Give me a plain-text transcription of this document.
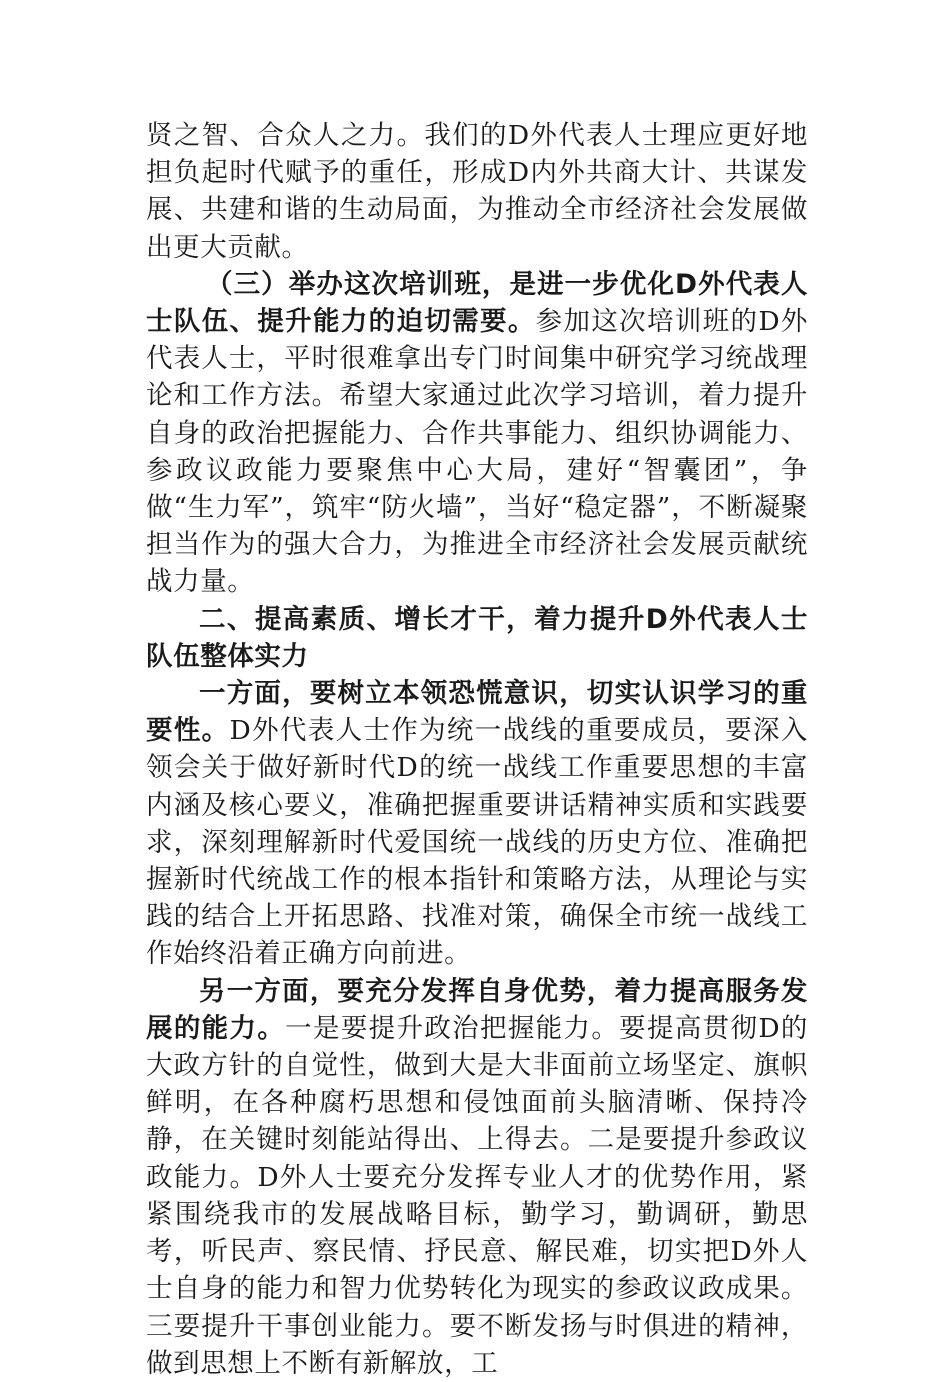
贤之智、合众人之力。我们的D外代表人士理应更好地担负起时代赋予的重任，形成D内外共商大计、共谋发展、共建和谐的生动局面，为推动全市经济社会发展做出更大贡献。

（三）举办这次培训班，是进一步优化D外代表人士队伍、提升能力的迫切需要。参加这次培训班的D外代表人士，平时很难拿出专门时间集中研究学习统战理论和工作方法。希望大家通过此次学习培训，着力提升自身的政治把握能力、合作共事能力、组织协调能力、参政议政能力要聚焦中心大局，建好“智囊团”，争做“生力军”，筑牢“防火墙”，当好“稳定器”，不断凝聚担当作为的强大合力，为推进全市经济社会发展贡献统战力量。

二、提高素质、增长才干，着力提升D外代表人士队伍整体实力

一方面，要树立本领恐慌意识，切实认识学习的重要性。D外代表人士作为统一战线的重要成员，要深入领会关于做好新时代D的统一战线工作重要思想的丰富内涵及核心要义，准确把握重要讲话精神实质和实践要求，深刻理解新时代爱国统一战线的历史方位、准确把握新时代统战工作的根本指针和策略方法，从理论与实践的结合上开拓思路、找准对策，确保全市统一战线工作始终沿着正确方向前进。

另一方面，要充分发挥自身优势，着力提高服务发展的能力。一是要提升政治把握能力。要提高贯彻D的大政方针的自觉性，做到大是大非面前立场坚定、旗帜鲜明，在各种腐朽思想和侵蚀面前头脑清晰、保持冷静，在关键时刻能站得出、上得去。二是要提升参政议政能力。D外人士要充分发挥专业人才的优势作用，紧紧围绕我市的发展战略目标，勤学习，勤调研，勤思考，听民声、察民情、抒民意、解民难，切实把D外人士自身的能力和智力优势转化为现实的参政议政成果。三要提升干事创业能力。要不断发扬与时俱进的精神，做到思想上不断有新解放，工
